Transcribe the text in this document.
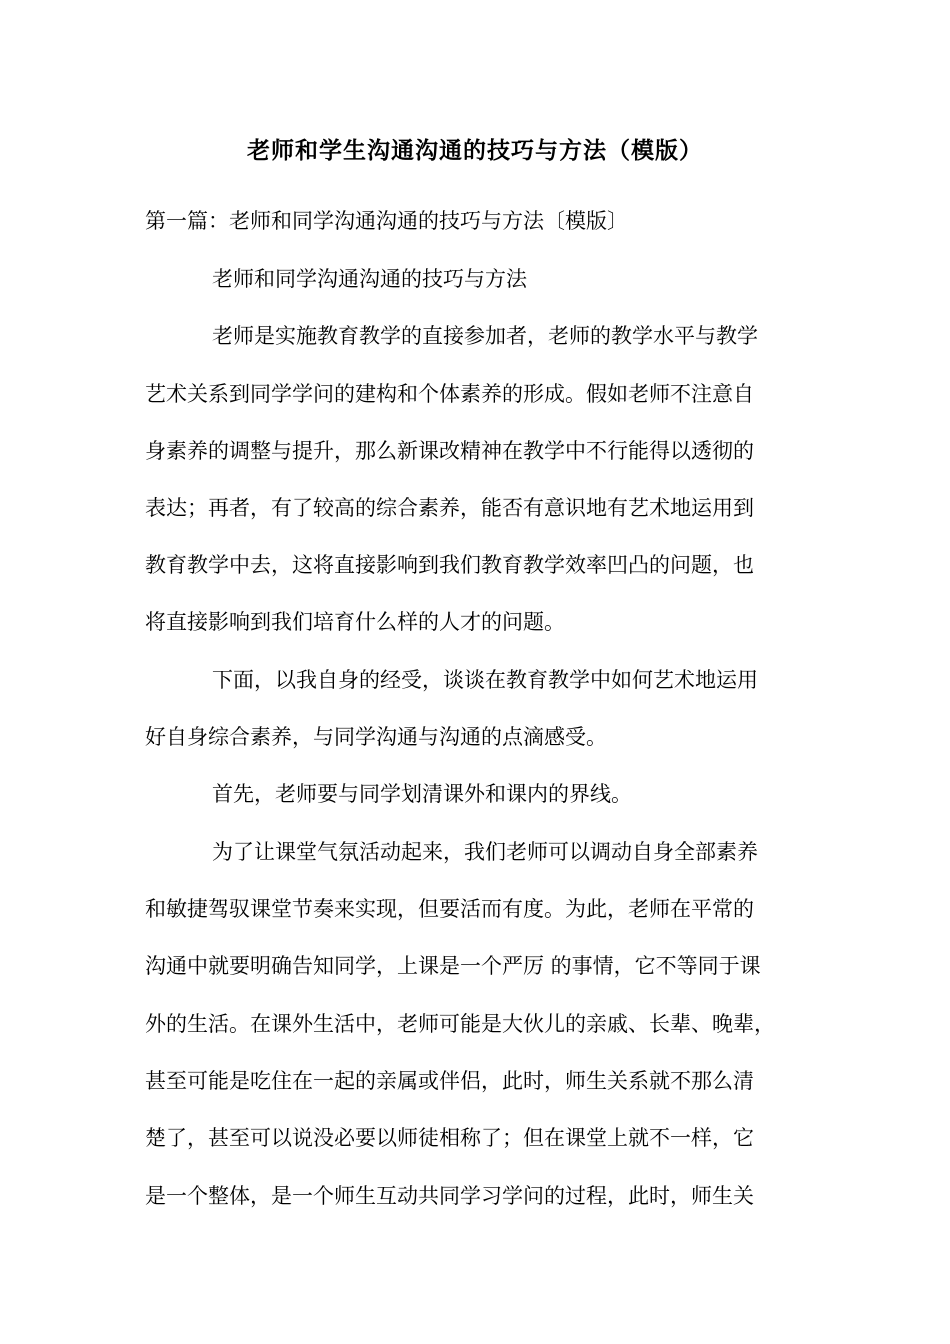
老师和学生沟通沟通的技巧与方法（模版）

第一篇：老师和同学沟通沟通的技巧与方法〔模版〕

老师和同学沟通沟通的技巧与方法

老师是实施教育教学的直接参加者，老师的教学水平与教学

艺术关系到同学学问的建构和个体素养的形成。假如老师不注意自

身素养的调整与提升，那么新课改精神在教学中不行能得以透彻的

表达；再者，有了较高的综合素养，能否有意识地有艺术地运用到

教育教学中去，这将直接影响到我们教育教学效率凹凸的问题，也

将直接影响到我们培育什么样的人才的问题。

下面，以我自身的经受，谈谈在教育教学中如何艺术地运用

好自身综合素养，与同学沟通与沟通的点滴感受。

首先，老师要与同学划清课外和课内的界线。

为了让课堂气氛活动起来，我们老师可以调动自身全部素养

和敏捷驾驭课堂节奏来实现，但要活而有度。为此，老师在平常的

沟通中就要明确告知同学，上课是一个严厉 的事情，它不等同于课

外的生活。在课外生活中，老师可能是大伙儿的亲戚、长辈、晚辈，

甚至可能是吃住在一起的亲属或伴侣，此时，师生关系就不那么清

楚了，甚至可以说没必要以师徒相称了；但在课堂上就不一样，它

是一个整体，是一个师生互动共同学习学问的过程，此时，师生关
